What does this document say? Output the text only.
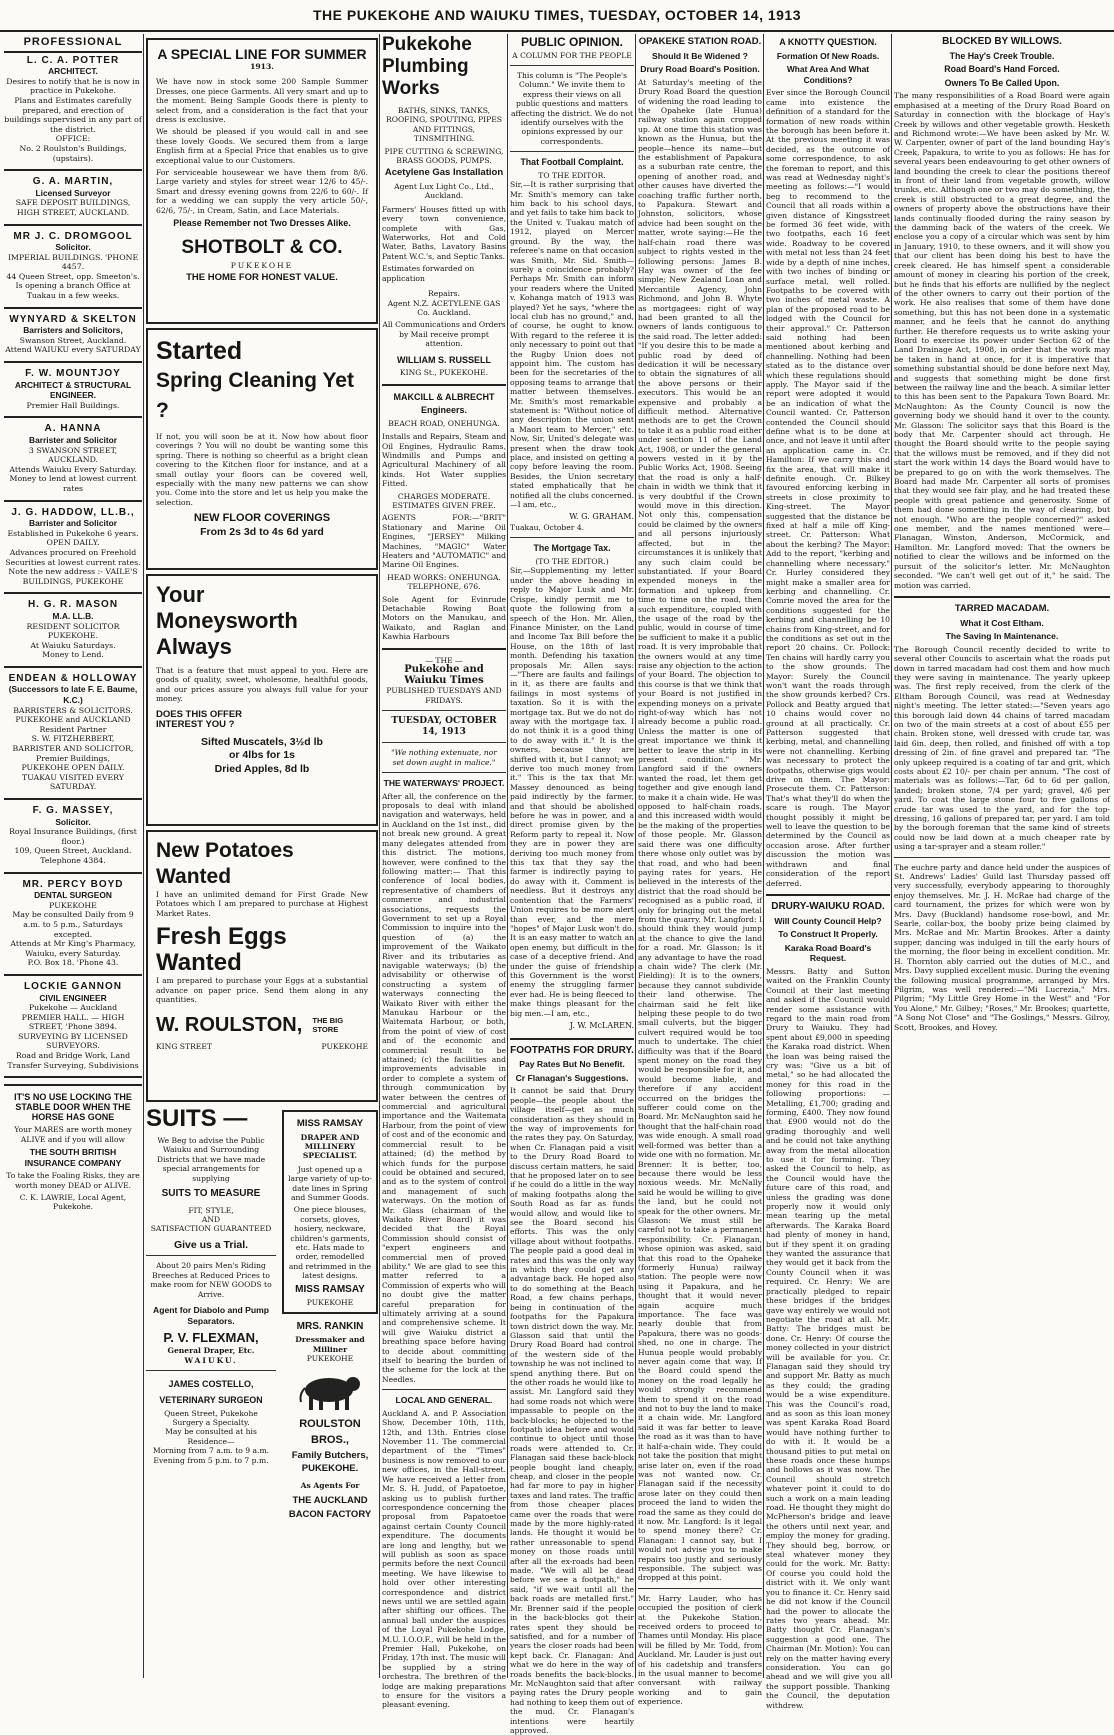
THE PUKEKOHE AND WAIUKU TIMES, TUESDAY, OCTOBER 14, 1913
PROFESSIONAL
L. C. A. POTTER
ARCHITECT.
Desires to notify that he is now in practice in Pukekohe.
Plans and Estimates carefully prepared, and erection of buildings supervised in any part of the district.
OFFICE:
No. 2 Roulston's Buildings, (upstairs).
G. A. MARTIN,
Licensed Surveyor
SAFE DEPOSIT BUILDINGS, HIGH STREET, AUCKLAND.
MR J. C. DROMGOOL
Solicitor.
IMPERIAL BUILDINGS. 'PHONE 4457.
44 Queen Street, opp. Smeeton's.
Is opening a branch Office at Tuakau in a few weeks.
WYNYARD & SKELTON
Barristers and Solicitors,
Swanson Street, Auckland.
Attend WAIUKU every SATURDAY
F. W. MOUNTJOY
ARCHITECT & STRUCTURAL ENGINEER.
Premier Hall Buildings.
A. HANNA
Barrister and Solicitor
3 SWANSON STREET, AUCKLAND.
Attends Waiuku Every Saturday.
Money to lend at lowest current rates
J. G. HADDOW, LL.B.,
Barrister and Solicitor
Established in Pukekohe 6 years.
OPEN DAILY.
Advances procured on Freehold Securities at lowest current rates.
Note the new address :- VAILE'S BUILDINGS, PUKEKOHE
H. G. R. MASON
M.A. LL.B.
RESIDENT SOLICITOR
PUKEKOHE.
At Waiuku Saturdays.
Money to Lend.
ENDEAN & HOLLOWAY
(Successors to late F. E. Baume, K.C.)
BARRISTERS & SOLICITORS.
PUKEKOHE and AUCKLAND
Resident Partner
S. W. FITZHERBERT,
BARRISTER AND SOLICITOR,
Premier Buildings,
PUKEKOHE OPEN DAILY.
TUAKAU VISITED EVERY SATURDAY.
F. G. MASSEY,
Solicitor.
Royal Insurance Buildings, (first floor.)
109, Queen Street, Auckland.
Telephone 4384.
MR. PERCY BOYD
DENTAL SURGEON
PUKEKOHE
May be consulted Daily from 9 a.m. to 5 p.m., Saturdays excepted.
Attends at Mr King's Pharmacy, Waiuku, every Saturday.
P.O. Box 18. 'Phone 43.
LOCKIE GANNON
CIVIL ENGINEER
Pukekohe — Auckland
PREMIER HALL. — HIGH STREET, 'Phone 3894.
SURVEYING BY LICENSED SURVEYORS.
Road and Bridge Work, Land Transfer Surveying, Subdivisions
IT'S NO USE LOCKING THE STABLE DOOR WHEN THE HORSE HAS GONE
Your MARES are worth money ALIVE and if you will allow
THE SOUTH BRITISH INSURANCE COMPANY
To take the Foaling Risks, they are worth money DEAD or ALIVE.
C. K. LAWRIE, Local Agent, Pukekohe.
A SPECIAL LINE FOR SUMMER
1913.

We have now in stock some 200 Sample Summer Dresses, one piece Garments. All very smart and up to the moment. Being Sample Goods there is plenty to select from, and a consideration is the fact that your dress is exclusive.

We should be pleased if you would call in and see these lovely Goods. We secured them from a large English firm at a Special Price that enables us to give exceptional value to our Customers.

For serviceable housewear we have them from 8/6. Large variety and styles for street wear 12/6 to 45/-. Smart and dressy evening gowns from 22/6 to 60/-. If for a wedding we can supply the very article 50/-, 62/6, 75/-, in Cream, Satin, and Lace Materials.

Please Remember not Two Dresses Alike.
SHOTBOLT & CO.
PUKEKOHE
THE HOME FOR HONEST VALUE.
Started
Spring Cleaning Yet ?

If not, you will soon be at it. Now how about floor coverings ? You will no doubt be wanting some this spring. There is nothing so cheerful as a bright clean covering to the Kitchen floor for instance, and at a small outlay your floors can be covered well, especially with the many new patterns we can show you. Come into the store and let us help you make the selection.

NEW FLOOR COVERINGS
From 2s 3d to 4s 6d yard
Your
Moneysworth
Always

That is a feature that must appeal to you. Here are goods of quality, sweet, wholesome, healthful goods, and our prices assure you always full value for your money.

DOES THIS OFFER
INTEREST YOU ?
Sifted Muscatels, 3½d lb
or 4lbs for 1s
Dried Apples, 8d lb
New Potatoes Wanted

I have an unlimited demand for First Grade New Potatoes which I am prepared to purchase at Highest Market Rates.

Fresh Eggs Wanted

I am prepared to purchase your Eggs at a substantial advance on paper price. Send them along in any quantities.

W. ROULSTON, THE BIG
STORE
KING STREET	PUKEKOHE
SUITS —
We Beg to advise the Public Waiuku and Surrounding Districts that we have made special arrangements for supplying
SUITS TO MEASURE
FIT, STYLE,
AND
SATISFACTION GUARANTEED
Give us a Trial.
About 20 pairs Men's Riding Breeches at Reduced Prices to make room for NEW GOODS to Arrive.
Agent for Diabolo and Pump Separators.
P. V. FLEXMAN,
General Draper, Etc.
WAIUKU.
JAMES COSTELLO,
VETERINARY SURGEON
Queen Street, Pukekohe
Surgery a Specialty.
May be consulted at his Residence—
Morning from 7 a.m. to 9 a.m.
Evening from 5 p.m. to 7 p.m.
MISS RAMSAY
DRAPER AND MILLINERY SPECIALIST.
Just opened up a large variety of up-to-date lines in Spring and Summer Goods.
One piece blouses, corsets, gloves, hosiery, neckware, children's garments, etc. Hats made to order, remodelled and retrimmed in the latest designs.
MISS RAMSAY
PUKEKOHE
MRS. RANKIN
Dressmaker and Milliner
PUKEKOHE
ROULSTON BROS.,
Family Butchers,
PUKEKOHE.
As Agents For
THE AUCKLAND
BACON FACTORY
Pukekohe
Plumbing
Works
BATHS, SINKS, TANKS, ROOFING, SPOUTING, PIPES AND FITTINGS, TINSMITHING.
PIPE CUTTING & SCREWING, BRASS GOODS, PUMPS.
Acetylene Gas Installation
Agent Lux Light Co., Ltd., Auckland.

Farmers' Houses fitted up with every town convenience, complete with Gas, Waterworks, Hot and Cold Water, Baths, Lavatory Basins Patent W.C.'s, and Septic Tanks.

Estimates forwarded on application
Repairs.
Agent N.Z. ACETYLENE GAS Co. Auckland.
All Communications and Orders by Mail receive prompt attention.
WILLIAM S. RUSSELL
KING St., PUKEKOHE.
MAKCILL & ALBRECHT
Engineers.
BEACH ROAD, ONEHUNGA.

Installs and Repairs, Steam and Oil Engines, Hydraulic Rams, Windmills and Pumps and Agricultural Machinery of all kinds. Hot Water supplies Fitted.

CHARGES MODERATE. ESTIMATES GIVEN FREE.

AGENTS FOR:—"BRIT" Stationary and Marine Oil Engines, "JERSEY" Milking Machines, "MAGIC" Water Heaters and "AUTOMATIC" and Marine Oil Engines.

HEAD WORKS: ONEHUNGA. TELEPHONE, 676.

Sole Agent for Evinrude Detachable Rowing Boat Motors on the Manukau, and Waikato, and Raglan and Kawhia Harbours

— THE —
Pukekohe and Waiuku Times
PUBLISHED TUESDAYS AND FRIDAYS.
TUESDAY, OCTOBER 14, 1913
"We nothing extenuate, nor
set down aught in malice."
THE WATERWAYS' PROJECT.

After all, the conference on the proposals to deal with inland navigation and waterways, held in Auckland on the 1st inst., did not break new ground. A great many delegates attended from this district. The motions, however, were confined to the following matter:— That this conference of local bodies, representative of chambers of commerce and industrial associations, requests the Government to set up a Royal Commission to inquire into the question of (a) the improvement of the Waikato River and its tributaries as navigable waterways; (b) the advisability or otherwise of constructing a system of waterways connecting the Waikato River with either the Manukau Harbour or the Waitemata Harbour, or both, from the point of view of cost and of the economic and commercial result to be attained; (c) the facilities and improvements advisable in order to complete a system of through communication by water between the centres of commercial and agricultural importance and the Waitemata Harbour, from the point of view of cost and of the economic and commercial result to be attained; (d) the method by which funds for the purpose could be obtained and secured, and as to the system of control and management of such waterways. On the motion of Mr. Glass (chairman of the Waikato River Board) it was decided that the Royal Commission should consist of "expert engineers and commercial men of proved ability." We are glad to see this matter referred to a Commission of experts who will no doubt give the matter careful preparation for ultimately arriving at a sound and comprehensive scheme. It will give Waiuku district a breathing space before having to decide about committing itself to bearing the burden of the scheme for the lock at the Needles.

LOCAL AND GENERAL.

Auckland A. and P. Association Show, December 10th, 11th, 12th, and 13th. Entries close November 11. The commercial department of the "Times" business is now removed to our new offices, in the Hall-street. We have received a letter from Mr. S. H. Judd, of Papatoetoe, asking us to publish further correspondence concerning the proposal from Papatoetoe against certain County Council expenditure. The documents are long and lengthy, but we will publish as soon as space permits before the next Council meeting. We have likewise to hold over other interesting correspondence and district news until we are settled again after shifting our offices. The annual ball under the auspices of the Loyal Pukekohe Lodge, M.U. I.O.O.F., will be held in the Premier Hall, Pukekohe, on Friday, 17th inst. The music will be supplied by a string orchestra. The brethren of the lodge are making preparations to ensure for the visitors a pleasant evening.

PUBLIC OPINION.
A COLUMN FOR THE PEOPLE
This column is "The People's Column." We invite them to express their views on all public questions and matters affecting the district. We do not identify ourselves with the opinions expressed by our correspondents.
That Football Complaint.
TO THE EDITOR.

Sir,—It is rather surprising that Mr. Smith's memory can take him back to his school days, and yet fails to take him back to the United v. Tuakau match of 1912, played on Mercer ground. By the way, the referee's name on that occasion was Smith, Mr. Sid. Smith—surely a coincidence probably? Perhaps Mr. Smith can inform your readers where the United v. Kohanga match of 1913 was played? Yet he says, "where the local club has no ground," and, of course, he ought to know. With regard to the referee it is only necessary to point out that the Rugby Union does not appoint him. The custom has been for the secretaries of the opposing teams to arrange that matter between themselves. Mr. Smith's most remarkable statement is: "Without notice of any description the union sent a Maori team to Mercer," etc. Now, Sir, United's delegate was present when the draw took place, and insisted on getting a copy before leaving the room. Besides, the Union secretary stated emphatically that he notified all the clubs concerned.—I am, etc.,

W. G. GRAHAM.
Tuakau, October 4.
The Mortgage Tax.
(TO THE EDITOR.)

Sir,—Supplementing my letter under the above heading in reply to Major Lusk and Mr. Crispe, kindly permit me to quote the following from a speech of the Hon. Mr. Allen, Finance Minister, on the Land and Income Tax Bill before the House, on the 18th of last month. Defending his taxation proposals Mr. Allen says:—"There are faults and failings in it, as there are faults and failings in most systems of taxation. So it is with the mortgage tax. But we do not do away with the mortgage tax. I do not think it is a good thing to do away with it." It is the owners, because they are shifted with it, but I cannot; we derive too much money from it." This is the tax that Mr. Massey denounced as being paid indirectly by the farmer, and that should be abolished before he was in power, and a direct promise given by the Reform party to repeal it. Now they are in power they are deriving too much money from this tax that they say the farmer is indirectly paying to do away with it. Comment is needless. But it destroys any contention that the Farmers' Union requires to be more alert than ever, and the mere "hopes" of Major Lusk won't do. It is an easy matter to watch an open enemy, but difficult in the case of a deceptive friend. And under the guise of friendship this Government is the worst enemy the struggling farmer ever had. He is being fleeced to make things pleasant for the big men.—I am, etc.,

J. W. McLAREN.
FOOTPATHS FOR DRURY.
Pay Rates But No Benefit.
Cr Flanagan's Suggestions.

It cannot be said that Drury people—the people about the village itself—get as much consideration as they should in the way of improvements for the rates they pay. On Saturday, when Cr. Flanagan paid a visit to the Drury Road Board to discuss certain matters, he said that he proposed later on to see if he could do a little in the way of making footpaths along the South Road as far as funds would allow, and would like to see the Board second his efforts. This was the only village about without footpaths. The people paid a good deal in rates and this was the only way in which they could get any advantage back. He hoped also to do something at the Beach Road, a few chains perhaps, being in continuation of the footpaths for the Papakura town district down the way. Mr. Glasson said that until the Drury Road Board had control of the western side of the township he was not inclined to spend anything there. But on the other roads he would like to assist. Mr. Langford said they had some roads not which were impassable to people on the back-blocks; he objected to the footpath idea before and would continue to object until those roads were attended to. Cr. Flanagan said these back-block people bought land cheaply, cheap, and closer in the people had far more to pay in higher taxes and land rates. The traffic from those cheaper places came over the roads that were made by the more highly-rated lands. He thought it would be rather unreasonable to spend money on those roads until after all the ex-roads had been made. "We will all be dead before we see a footpath," he said, "if we wait until all the back roads are metalled first." Mr. Brenner said if the people in the back-blocks got their rates spent they should be satisfied, and for a number of years the closer roads had been kept back. Cr. Flanagan: And what we do here in the way of roads benefits the back-blocks. Mr. McNaughton said that after paying rates the Drury people had nothing to keep them out of the mud. Cr. Flanagan's intentions were heartily approved.

OPAKEKE STATION ROAD.
Should It Be Widened ?
Drury Road Board's Position.

At Saturday's meeting of the Drury Road Board the question of widening the road leading to the Opaheke (late Hunua) railway station again cropped up. At one time this station was known as the Hunua, but the people—hence its name—but the establishment of Papakura as a suburban rate centre, the opening of another road, and other causes have diverted the coaching traffic further north, to Papakura. Stewart and Johnston, solicitors, whose advice had been sought on the matter, wrote saying:—He the half-chain road there was subject to rights vested in the following persons: James B. Hay was owner of the fee simple; New Zealand Loan and Mercantile Agency, John Richmond, and John B. Whyte as mortgagees: right of way had been granted to all the owners of lands contiguous to the said road. The letter added: "If you desire this to be made a public road by deed of dedication it will be necessary to obtain the signatures of all the above persons or their executors. This would be an expensive and probably a difficult method. Alternative methods are to get the Crown to take it as a public road either under section 11 of the Land Act, 1908, or under the general powers vested in it by the Public Works Act, 1908. Seeing that the road is only a half-chain in width we think that it is very doubtful if the Crown would move in this direction. Not only this, compensation could be claimed by the owners and all persons injuriously affected, but in the circumstances it is unlikely that any such claim could be substantiated. If your Board expended moneys in the formation and upkeep from time to time on the road, then such expenditure, coupled with the usage of the road by the public, would in course of time be sufficient to make it a public road. It is very improbable that the owners would at any time raise any objection to the action of your Board. The objection to this course is that we think that your Board is not justified in expending moneys on a private right-of-way which has not already become a public road. Unless the matter is one of great importance we think it better to leave the strip in its present condition." Mr. Langford said if the owners wanted the road, let them get together and give enough land to make it a chain wide. He was opposed to half-chain roads, and this increased width would be the making of the properties of those people. Mr. Glasson said there was one difficulty there whose only outlet was by that road, and who had been paying rates for years. He believed in the interests of the district that the road should be recognised as a public road, if only for bringing out the metal from the quarry. Mr. Langford: I should think they would jump at the chance to give the land for a road. Mr. Glasson: Is it any advantage to have the road a chain wide? The clerk (Mr. Fielding): It is to the owners, because they cannot subdivide their land otherwise. The chairman said he felt like helping these people to do two small culverts, but the bigger culvert required would be too much to undertake. The chief difficulty was that if the Board spent money on the road they would be responsible for it, and would become liable, and therefore if any accident occurred on the bridges the sufferer could come on the Board. Mr. McNaughton said he thought that the half-chain road was wide enough. A small road well-formed was better than a wide one with no formation. Mr. Brenner: It is better, too, because there would be less noxious weeds. Mr. McNally said he would be willing to give the land, but he could not speak for the other owners. Mr. Glasson: We must still be careful not to take a permanent responsibility. Cr. Flanagan, whose opinion was asked, said that this road to the Opaheke (formerly Hunua) railway station. The people were now using it Papakura, and he thought that it would never again acquire much importance. The face was nearly double that from Papakura, there was no goods-shed, no one in charge. The Hunua people would probably never again come that way. If the Board could spend the money on the road legally he would strongly recommend them to spend it on the road and not to buy the land to make it a chain wide. Mr. Langford said it was far better to leave the road as it was than to have it half-a-chain wide. They could not take the position that might arise later on, even if the road was not wanted now. Cr. Flanagan said if the necessity arose later on they could then proceed the land to widen the road the same as they could do it now. Mr. Langford: Is it legal to spend money there? Cr. Flanagan: I cannot say, but I would not advise you to make repairs too justly and seriously responsible. The subject was dropped at this point.

Mr. Harry Lauder, who has occupied the position of clerk at the Pukekohe Station, received orders to proceed to Thames until Monday. His place will be filled by Mr. Todd, from Auckland. Mr. Lauder is just out of his cadetship and transfers in the usual manner to become conversant with railway working and to gain experience.

A KNOTTY QUESTION.
Formation Of New Roads.
What Area And What Conditions?

Ever since the Borough Council came into existence the definition of a standard for the formation of new roads within the borough has been before it. At the previous meeting it was decided, as the outcome of some correspondence, to ask the foreman to report, and this was read at Wednesday night's meeting as follows:—"I would beg to recommend to the Council that all roads within a given distance of Kingsstreet be formed 36 feet wide, with two footpaths, each 16 feet wide. Roadway to be covered with metal not less than 24 feet wide by a depth of nine inches, with two inches of binding or surface metal, well rolled. Footpaths to be covered with two inches of metal waste. A plan of the proposed road to be lodged with the Council for their approval." Cr. Patterson said nothing had been mentioned about kerbing and channelling. Nothing had been stated as to the distance over which these regulations should apply. The Mayor said if the report were adopted it would be an indication of what the Council wanted. Cr. Patterson contended the Council should define what is to be done at once, and not leave it until after an application came in. Cr. Hamilton: If we carry this and fix the area, that will make it definite enough. Cr. Bilkey favoured enforcing kerbing in streets in close proximity to King-street. The Mayor suggested that the distance be fixed at half a mile off King-street. Cr. Patterson: What about the kerbing? The Mayor: Add to the report, "kerbing and channelling where necessary." Cr. Hurley considered they might make a smaller area for kerbing and channelling. Cr. Comrie moved the area for the conditions suggested for the kerbing and channelling be 10 chains from King-street, and for the conditions as set out in the report 20 chains. Cr. Pollock: Ten chains will hardly carry you to the show grounds. The Mayor: Surely the Council won't want the roads through the show grounds kerbed? Crs. Pollock and Beatty argued that 10 chains would cover no ground at all practically. Cr. Patterson suggested that kerbing, metal, and channelling were not channelling. Kerbing was necessary to protect the footpaths, otherwise gigs would drive on them. The Mayor: Prosecute them. Cr. Patterson: That's what they'll do when the scare is rough. The Mayor thought possibly it might be well to leave the question to be determined by the Council as occasion arose. After further discussion the motion was withdrawn and final consideration of the report deferred.

DRURY-WAIUKU ROAD.
Will County Council Help?
To Construct It Properly.
Karaka Road Board's Request.

Messrs. Batty and Sutton waited on the Franklin County Council at their last meeting and asked if the Council would render some assistance with regard to the main road from Drury to Waiuku. They had spent about £9,000 in speeding the Karaka road district. When the loan was being raised the cry was: "Give us a bit of metal," so he had allocated the money for this road in the following proportions: —Metalling, £1,700; grading and forming, £400. They now found that £900 would not do the grading thoroughly and well and he could not take anything away from the metal allocation to use it for forming. They asked the Council to help, as the Council would have the future care of this road, and unless the grading was done properly now it would only mean tearing up the metal afterwards. The Karaka Board had plenty of money in hand, but if they spent it on grading they wanted the assurance that they would get it back from the County Council when it was required. Cr. Henry: We are practically pledged to repair these bridges if the bridges gave way entirely we would not negotiate the road at all. Mr. Batty: The bridges must be done. Cr. Henry: Of course the money collected in your district will be available for you. Cr. Flanagan said they should try and support Mr. Batty as much as they could; the grading would be a wise expenditure. This was the Council's road, and as soon as this loan money was spent Karaka Road Board would have nothing further to do with it. It would be a thousand pities to put metal on these roads once these humps and hollows as it was now. The Council should stretch whatever point it could to do such a work on a main leading road. He thought they might do McPherson's bridge and leave the others until next year, and employ the money for grading. They should beg, borrow, or steal whatever money they could for the work. Mr. Batty: Of course you could hold the district with it. We only want you to finance it. Cr. Henry said he did not know if the Council had the power to allocate the rates two years ahead. Mr. Batty thought Cr. Flanagan's suggestion a good one. The Chairman (Mr. Motion): You can rely on the matter having every consideration. You can go ahead and we will give you all the support possible. Thanking the Council, the deputation withdrew.

BLOCKED BY WILLOWS.
The Hay's Creek Trouble.
Road Board's Hand Forced.
Owners To Be Called Upon.

The many responsibilities of a Road Board were again emphasised at a meeting of the Drury Road Board on Saturday in connection with the blockage of Hay's Creek by willows and other vegetable growth. Hesketh and Richmond wrote:—We have been asked by Mr. W. W. Carpenter, owner of part of the land bounding Hay's Creek, Papakura, to write to you as follows: He has for several years been endeavouring to get other owners of land bounding the creek to clear the positions thereof in front of their land from vegetable growth, willow trunks, etc. Although one or two may do something, the creek is still obstructed to a great degree, and the owners of property above the obstructions have their lands continually flooded during the rainy season by the damming back of the waters of the creek. We enclose you a copy of a circular which was sent by him in January, 1910, to these owners, and it will show you that our client has been doing his best to have the creek cleared. He has himself spent a considerable amount of money in clearing his portion of the creek, but he finds that his efforts are nullified by the neglect of the other owners to carry out their portion of the work. He also realises that some of them have done something, but this has not been done in a systematic manner, and he feels that he cannot do anything further. He therefore requests us to write asking your Board to exercise its power under Section 62 of the Land Drainage Act, 1908, in order that the work may be taken in hand at once, for it is imperative that something substantial should be done before next May, and suggests that something might be done first between the railway line and the beach. A similar letter to this has been sent to the Papakura Town Board. Mr. McNaughton: As the County Council is now the governing body we should hand it over to the county. Mr. Glasson: The solicitor says that this Board is the body that Mr. Carpenter should act through. He thought the Board should write to the people saying that the willows must be removed, and if they did not start the work within 14 days the Board would have to be prepared to go on with the work themselves. The Board had made Mr. Carpenter all sorts of promises that they would see fair play, and he had treated these people with great patience and generosity. Some of them had done something in the way of clearing, but not enough. "Who are the people concerned?" asked one member, and the names mentioned were—Flanagan, Winston, Anderson, McCormick, and Hamilton. Mr. Langford moved: That the owners be notified to clear the willows and be informed on the pursuit of the solicitor's letter. Mr. McNaughton seconded. "We can't well get out of it," he said. The motion was carried.

TARRED MACADAM.
What it Cost Eltham.
The Saving In Maintenance.

The Borough Council recently decided to write to several other Councils to ascertain what the roads put down in tarred macadam had cost them and how much they were saving in maintenance. The yearly upkeep was. The first reply received, from the clerk of the Eltham Borough Council, was read at Wednesday night's meeting. The letter stated:—"Seven years ago this borough laid down 44 chains of tarred macadam on two of the main streets at a cost of about £55 per chain. Broken stone, well dressed with crude tar, was laid 6in. deep, then rolled, and finished off with a top dressing of 2in. of fine gravel and prepared tar. "The only upkeep required is a coating of tar and grit, which costs about £2 10/- per chain per annum. "The cost of materials was as follows:—Tar, 6d to 6d per gallon, landed; broken stone, 7/4 per yard; gravel, 4/6 per yard. To coat the large stone four to five gallons of crude tar was used to the yard, and for the top-dressing, 16 gallons of prepared tar, per yard. I am told by the borough foreman that the same kind of streets could now be laid down at a much cheaper rate by using a tar-sprayer and a steam roller."

The euchre party and dance held under the auspices of St. Andrews' Ladies' Guild last Thursday passed off very successfully, everybody appearing to thoroughly enjoy themselves. Mr. J. H. McRae had charge of the card tournament, the prizes for which were won by Mrs. Davy (Buckland) handsome rose-bowl, and Mr. Searle, collar-box, the booby prize being claimed by Mrs. McRae and Mr. Martin Brookes. After a dainty supper, dancing was indulged in till the early hours of the morning, the floor being in excellent condition. Mr. H. Thornton ably carried out the duties of M.C., and Mrs. Davy supplied excellent music. During the evening the following musical programme, arranged by Mrs. Pilgrim, was well rendered:—"Mi Lucrezia," Mrs. Pilgrim; "My Little Grey Home in the West" and "For You Alone," Mr. Gilbey; "Roses," Mr. Brookes; quartette, "A Song Not Close" and "The Goslings," Messrs. Gilroy, Scott, Brookes, and Hovey.
